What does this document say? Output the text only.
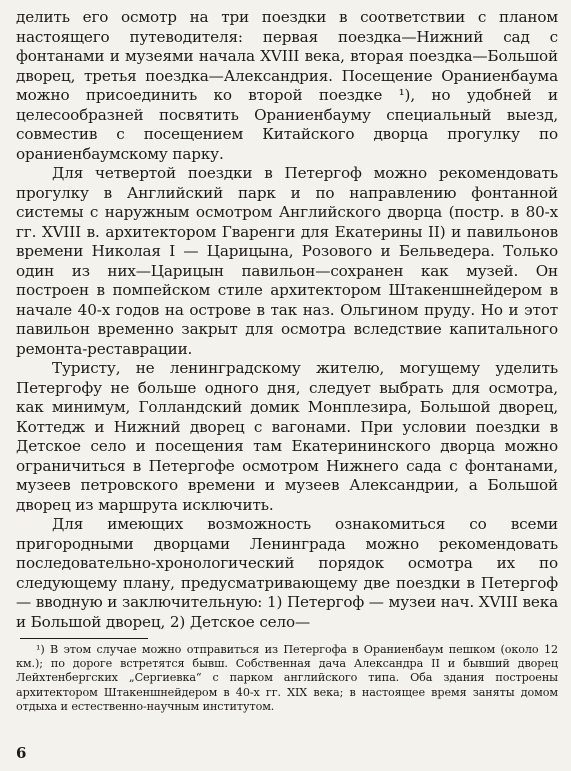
делить его осмотр на три поездки в соответствии с планом настоящего путеводителя: первая поездка—Нижний сад с фонтанами и музеями начала XVIII века, вторая поездка—Большой дворец, третья поездка—Александрия. Посещение Ораниенбаума можно присоединить ко второй поездке ¹), но удобней и целесообразней посвятить Ораниенбауму специальный выезд, совместив с посещением Китайского дворца прогулку по ораниенбаумскому парку.

Для четвертой поездки в Петергоф можно рекомендовать прогулку в Английский парк и по направлению фонтанной системы с наружным осмотром Английского дворца (постр. в 80-х гг. XVIII в. архитектором Гваренги для Екатерины II) и павильонов времени Николая I — Царицына, Розового и Бельведера. Только один из них—Царицын павильон—сохранен как музей. Он построен в помпейском стиле архитектором Штакеншнейдером в начале 40-х годов на острове в так наз. Ольгином пруду. Но и этот павильон временно закрыт для осмотра вследствие капитального ремонта-реставрации.

Туристу, не ленинградскому жителю, могущему уделить Петергофу не больше одного дня, следует выбрать для осмотра, как минимум, Голландский домик Монплезира, Большой дворец, Коттедж и Нижний дворец с вагонами. При условии поездки в Детское село и посещения там Екатерининского дворца можно ограничиться в Петергофе осмотром Нижнего сада с фонтанами, музеев петровского времени и музеев Александрии, а Большой дворец из маршрута исключить.

Для имеющих возможность ознакомиться со всеми пригородными дворцами Ленинграда можно рекомендовать последовательно-хронологический порядок осмотра их по следующему плану, предусматривающему две поездки в Петергоф — вводную и заключительную: 1) Петергоф — музеи нач. XVIII века и Большой дворец, 2) Детское село—

¹) В этом случае можно отправиться из Петергофа в Ораниенбаум пешком (около 12 км.); по дороге встретятся бывш. Собственная дача Александра II и бывший дворец Лейхтенбергских „Сергиевка“ с парком английского типа. Оба здания построены архитектором Штакеншнейдером в 40-х гг. XIX века; в настоящее время заняты домом отдыха и естественно-научным институтом.

6
